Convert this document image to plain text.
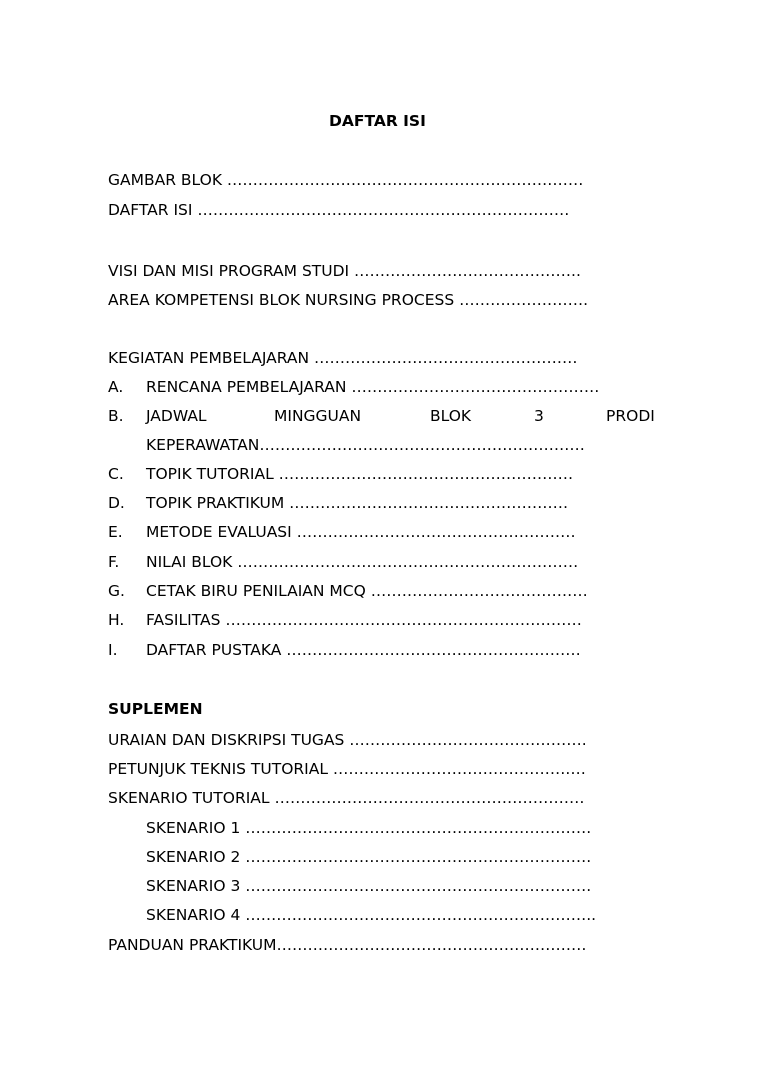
DAFTAR ISI
GAMBAR BLOK ……………………………………………………………
DAFTAR ISI ………………………………………………………………
VISI DAN MISI PROGRAM STUDI ……………………………………..
AREA KOMPETENSI BLOK NURSING PROCESS …………………….
KEGIATAN PEMBELAJARAN ……………………………………………
A. RENCANA PEMBELAJARAN …………………………………………
B. JADWAL	MINGGUAN	BLOK	3	PRODI
KEPERAWATAN………………………………………………………
C. TOPIK TUTORIAL …………………………………………………
D. TOPIK PRAKTIKUM ………………………………………………
E. METODE EVALUASI ………………………………………………
F. NILAI BLOK …………………………………………………………
G. CETAK BIRU PENILAIAN MCQ ……………………………………
H. FASILITAS ……………………………………………………………
I. DAFTAR PUSTAKA …………………………………………………
SUPLEMEN
URAIAN DAN DISKRIPSI TUGAS ……………………………………….
PETUNJUK TEKNIS TUTORIAL ……………………………………….…
SKENARIO TUTORIAL ……………………………………………………
SKENARIO 1 ………………………………………………………….
SKENARIO 2 ………………………………………………………….
SKENARIO 3 ………………………………………………………….
SKENARIO 4 …………………………………………………………..
PANDUAN PRAKTIKUM……………………………………………………
